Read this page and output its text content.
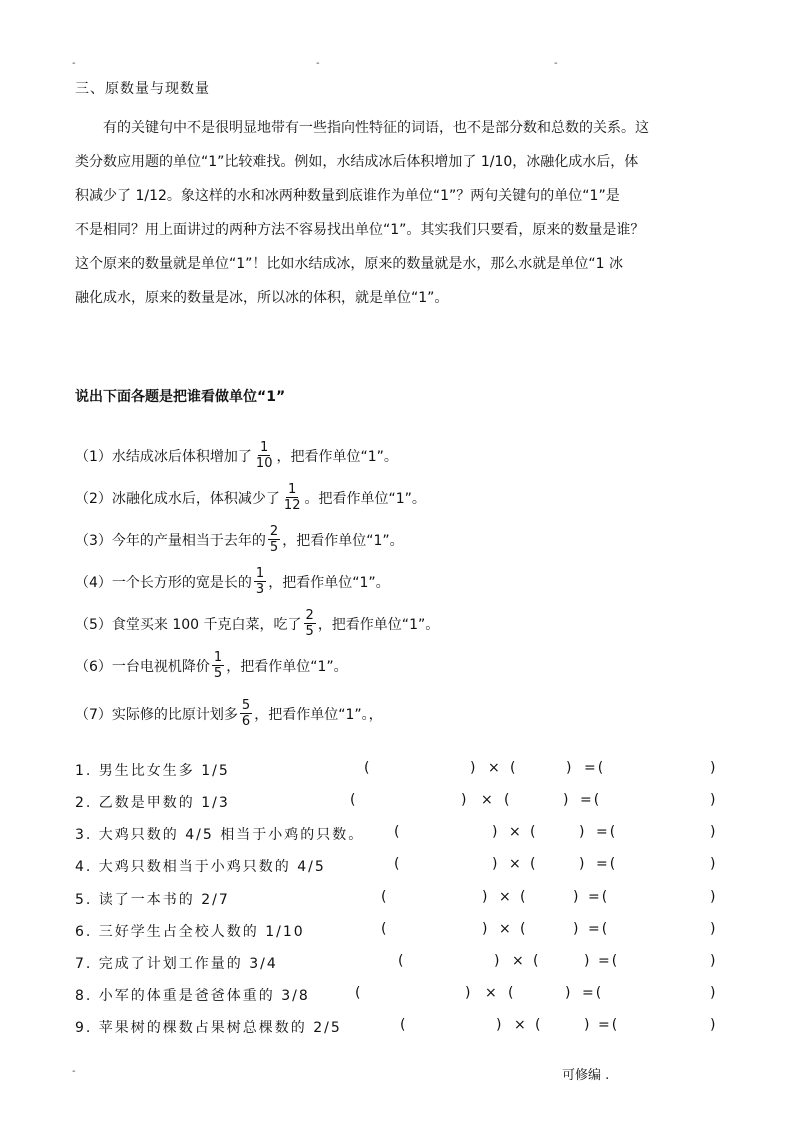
-	-	-
三、原数量与现数量
有的关键句中不是很明显地带有一些指向性特征的词语，也不是部分数和总数的关系。这
类分数应用题的单位“1”比较难找。例如，水结成冰后体积增加了 1/10，冰融化成水后，体
积减少了 1/12。象这样的水和冰两种数量到底谁作为单位“1”？两句关键句的单位“1”是
不是相同？用上面讲过的两种方法不容易找出单位“1”。其实我们只要看，原来的数量是谁？
这个原来的数量就是单位“1”！比如水结成冰，原来的数量就是水，那么水就是单位“1 冰
融化成水，原来的数量是冰，所以冰的体积，就是单位“1”。
说出下面各题是把谁看做单位“1”
（1）水结成冰后体积增加了 $\frac{1}{10}$ ，把看作单位“1”。
（2）冰融化成水后，体积减少了 $\frac{1}{12}$ 。把看作单位“1”。
（3）今年的产量相当于去年的 $\frac{2}{5}$ ，把看作单位“1”。
（4）一个长方形的宽是长的 $\frac{1}{3}$ ，把看作单位“1”。
（5）食堂买来 100 千克白菜，吃了 $\frac{2}{5}$ ，把看作单位“1”。
（6）一台电视机降价 $\frac{1}{5}$ ，把看作单位“1”。
（7）实际修的比原计划多 $\frac{5}{6}$ ，把看作单位“1”。，
1. 男生比女生多 1/5	(	) × (	) =(	)
2. 乙数是甲数的 1/3	(	) × (	) =(	)
3. 大鸡只数的 4/5 相当于小鸡的只数。 (	) × (	) =(	)
4. 大鸡只数相当于小鸡只数的 4/5	(	) × (	) =(	)
5. 读了一本书的 2/7	(	) × (	) =(	)
6. 三好学生占全校人数的 1/10	(	) × (	) =(	)
7. 完成了计划工作量的 3/4	(	) × (	) =(	)
8. 小军的体重是爸爸体重的 3/8	(	) × (	) =(	)
9. 苹果树的棵数占果树总棵数的 2/5	(	) × (	) =(	)
-	可修编 .
